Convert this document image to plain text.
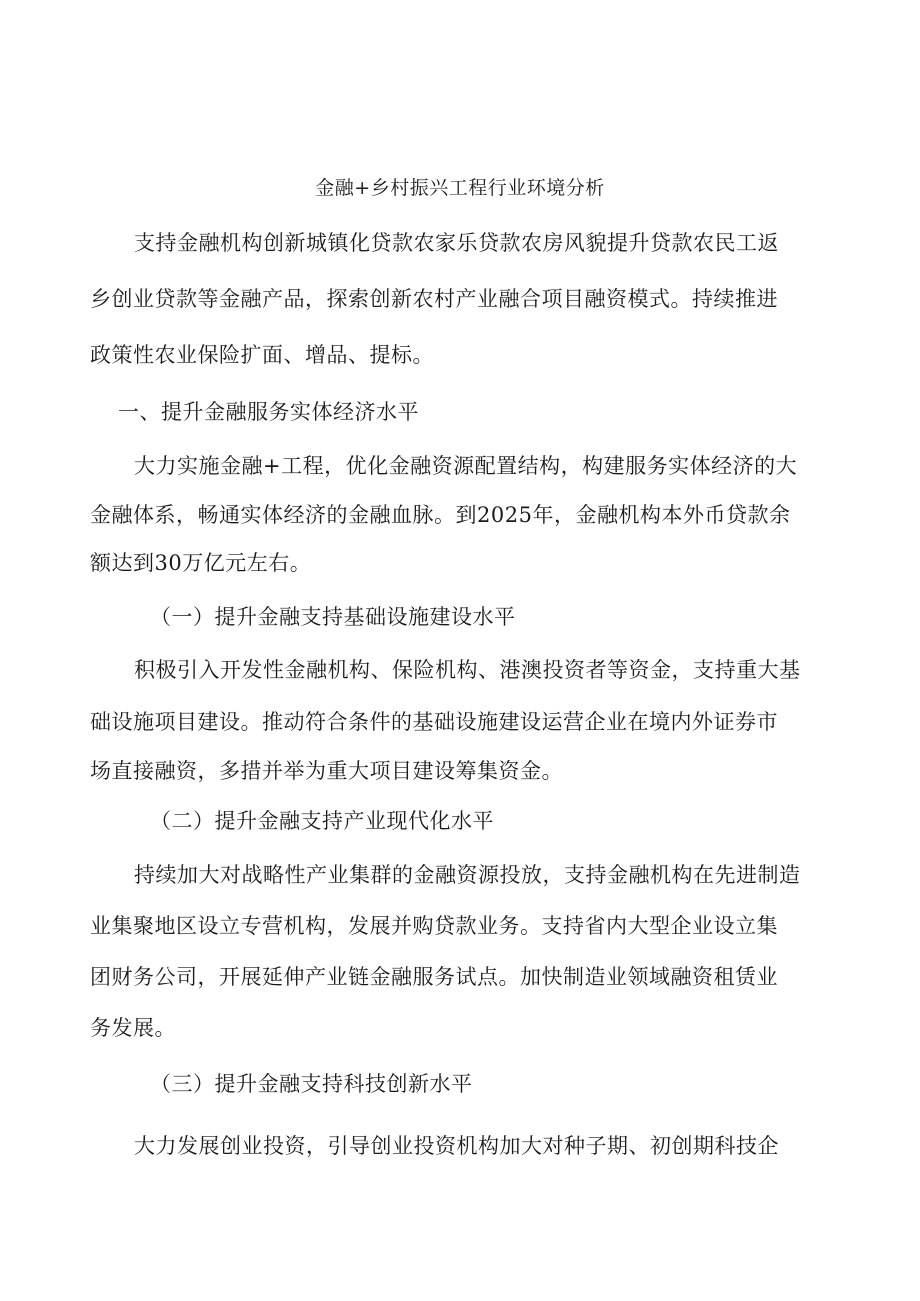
金融+乡村振兴工程行业环境分析
支持金融机构创新城镇化贷款农家乐贷款农房风貌提升贷款农民工返
乡创业贷款等金融产品，探索创新农村产业融合项目融资模式。持续推进
政策性农业保险扩面、增品、提标。
一、提升金融服务实体经济水平
大力实施金融+工程，优化金融资源配置结构，构建服务实体经济的大
金融体系，畅通实体经济的金融血脉。到2025年，金融机构本外币贷款余
额达到30万亿元左右。
（一）提升金融支持基础设施建设水平
积极引入开发性金融机构、保险机构、港澳投资者等资金，支持重大基
础设施项目建设。推动符合条件的基础设施建设运营企业在境内外证券市
场直接融资，多措并举为重大项目建设筹集资金。
（二）提升金融支持产业现代化水平
持续加大对战略性产业集群的金融资源投放，支持金融机构在先进制造
业集聚地区设立专营机构，发展并购贷款业务。支持省内大型企业设立集
团财务公司，开展延伸产业链金融服务试点。加快制造业领域融资租赁业
务发展。
（三）提升金融支持科技创新水平
大力发展创业投资，引导创业投资机构加大对种子期、初创期科技企
